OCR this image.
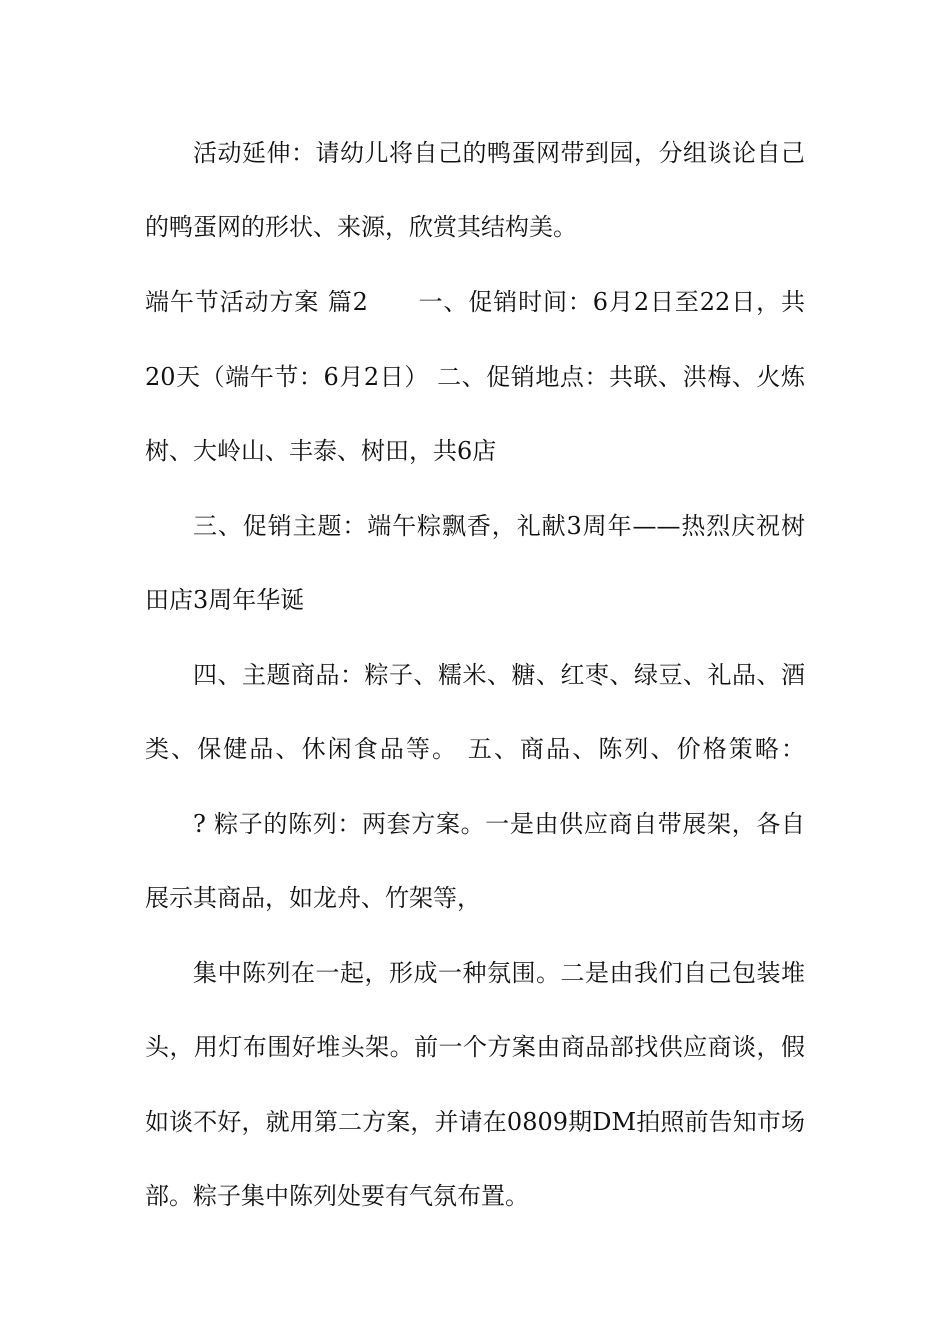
活动延伸：请幼儿将自己的鸭蛋网带到园，分组谈论自己
的鸭蛋网的形状、来源，欣赏其结构美。
端午节活动方案 篇2　　一、促销时间：6月2日至22日，共
20天（端午节：6月2日） 二、促销地点：共联、洪梅、火炼
树、大岭山、丰泰、树田，共6店
三、促销主题：端午粽飘香，礼献3周年——热烈庆祝树
田店3周年华诞
四、主题商品：粽子、糯米、糖、红枣、绿豆、礼品、酒
类、保健品、休闲食品等。 五、商品、陈列、价格策略：
? 粽子的陈列：两套方案。一是由供应商自带展架，各自
展示其商品，如龙舟、竹架等，
集中陈列在一起，形成一种氛围。二是由我们自己包装堆
头，用灯布围好堆头架。前一个方案由商品部找供应商谈，假
如谈不好，就用第二方案，并请在0809期DM拍照前告知市场
部。粽子集中陈列处要有气氛布置。
